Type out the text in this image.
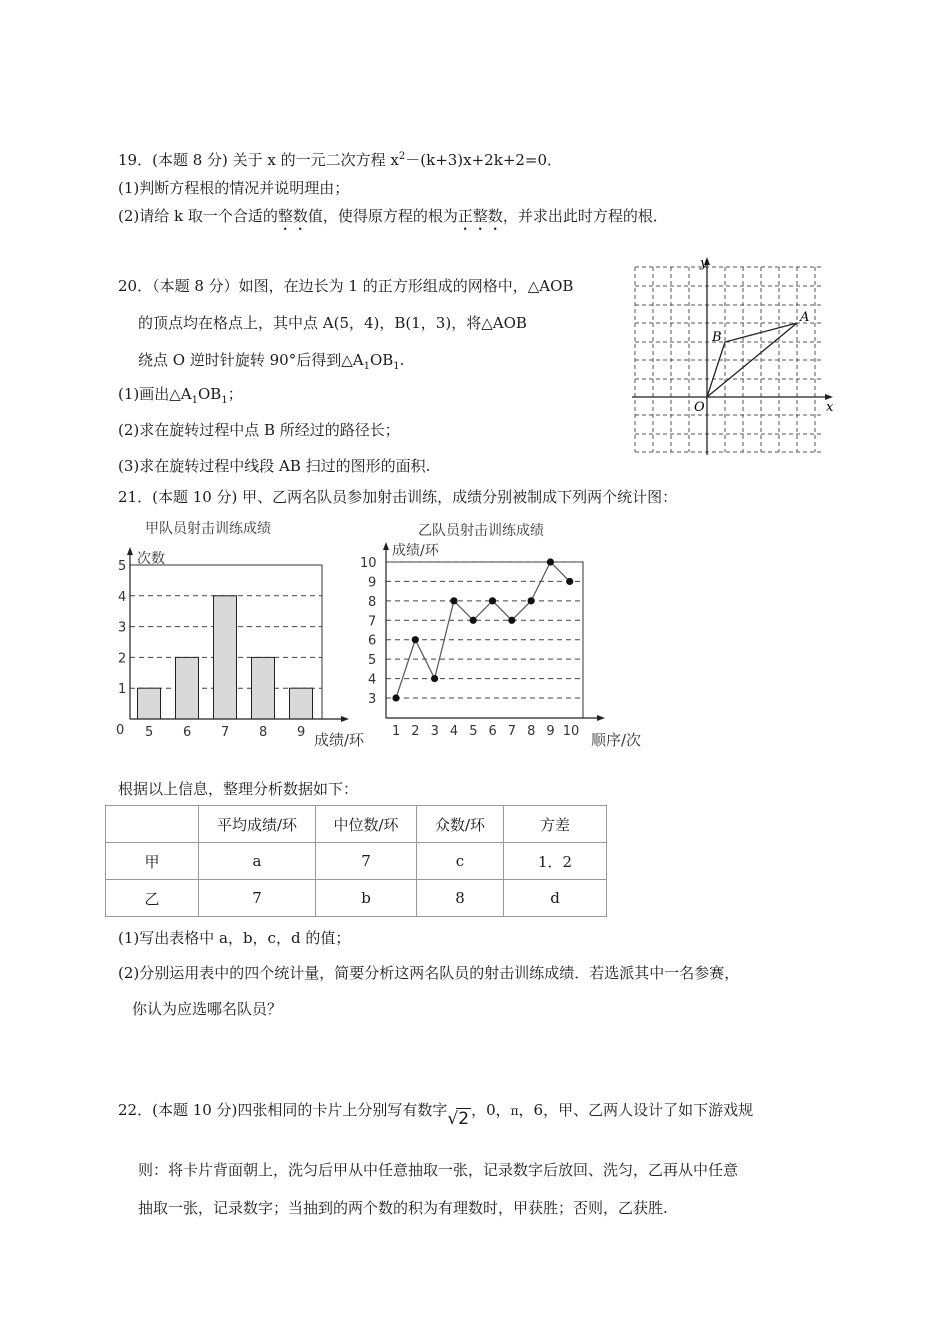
19．(本题 8 分) 关于 x 的一元二次方程 $x^2-(k+3)x+2k+2=0$．
(1)判断方程根的情况并说明理由；
(2)请给 k 取一个合适的整数值，使得原方程的根为正整数，并求出此时方程的根．
20．（本题 8 分）如图，在边长为 1 的正方形组成的网格中，△AOB
的顶点均在格点上，其中点 A(5，4)，B(1，3)，将△AOB
绕点 O 逆时针旋转 90°后得到$\triangle A_1OB_1$.
(1)画出$\triangle A_1OB_1$；
(2)求在旋转过程中点 B 所经过的路径长；
(3)求在旋转过程中线段 AB 扫过的图形的面积.
y
x
O
A
B
21．(本题 10 分) 甲、乙两名队员参加射击训练，成绩分别被制成下列两个统计图：
甲队员射击训练成绩
1
2
3
4
5
5 6 7 8 9
次数
0
成绩/环
乙队员射击训练成绩
3
4
5
6
7
8
9
10
1 2 3 4 5 6 7 8 9 10
成绩/环
顺序/次
根据以上信息，整理分析数据如下：
	平均成绩/环	中位数/环	众数/环	方差
甲	a	7	c	1．2
乙	7	b	8	d
(1)写出表格中 a，b，c，d 的值；
(2)分别运用表中的四个统计量，简要分析这两名队员的射击训练成绩．若选派其中一名参赛，
你认为应选哪名队员？
22．(本题 10 分)四张相同的卡片上分别写有数字√2 ，0，π，6，甲、乙两人设计了如下游戏规
则：将卡片背面朝上，洗匀后甲从中任意抽取一张，记录数字后放回、洗匀，乙再从中任意
抽取一张，记录数字；当抽到的两个数的积为有理数时，甲获胜；否则，乙获胜.
